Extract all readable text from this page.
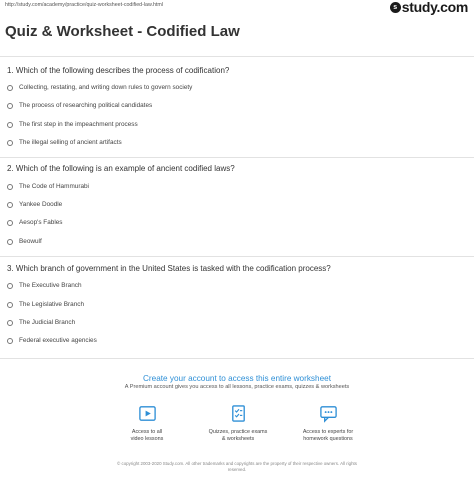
http://study.com/academy/practice/quiz-worksheet-codified-law.html	s study.com
Quiz & Worksheet - Codified Law

1. Which of the following describes the process of codification?

Collecting, restating, and writing down rules to govern society
The process of researching political candidates
The first step in the impeachment process
The illegal selling of ancient artifacts

2. Which of the following is an example of ancient codified laws?

The Code of Hammurabi
Yankee Doodle
Aesop's Fables
Beowulf

3. Which branch of government in the United States is tasked with the codification process?

The Executive Branch
The Legislative Branch
The Judicial Branch
Federal executive agencies
Create your account to access this entire worksheet
A Premium account gives you access to all lessons, practice exams, quizzes & worksheets
Access to all
video lessons
Quizzes, practice exams
& worksheets
Access to experts for
homework questions
© copyright 2003-2020 Study.com. All other trademarks and copyrights are the property of their respective owners. All rights
reserved.
